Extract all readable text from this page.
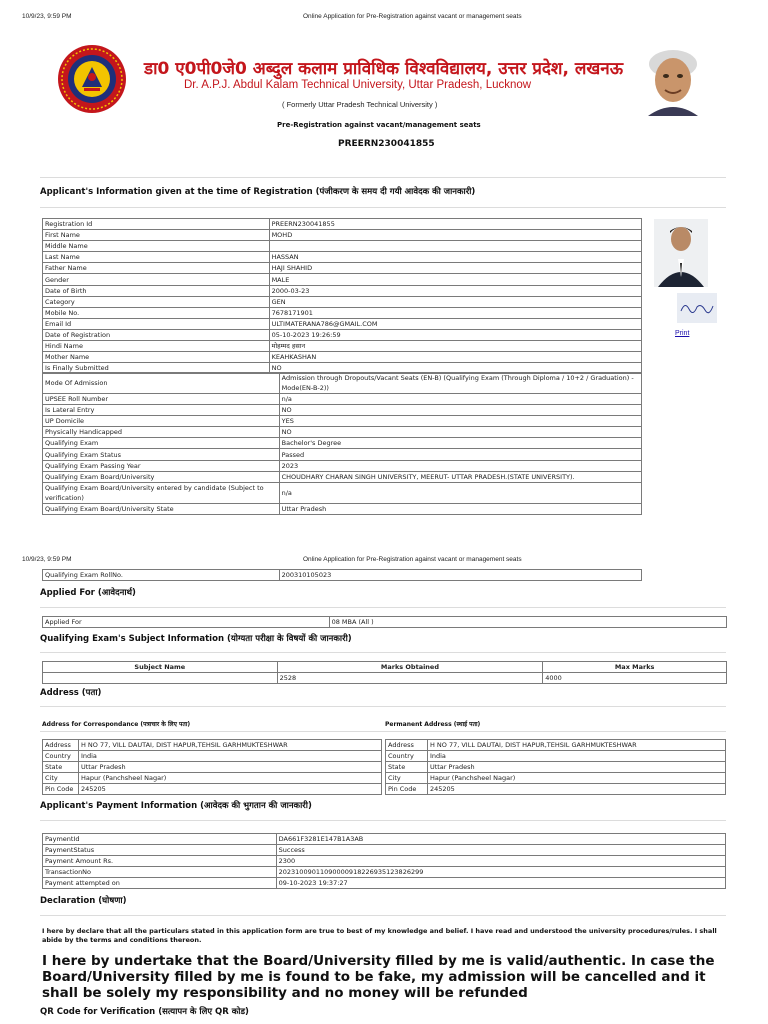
10/9/23, 9:59 PM	Online Application for Pre-Registration against vacant or management seats
डा0 ए0पी0जे0 अब्दुल कलाम प्राविधिक विश्वविद्यालय, उत्तर प्रदेश, लखनऊ
Dr. A.P.J. Abdul Kalam Technical University, Uttar Pradesh, Lucknow
( Formerly Uttar Pradesh Technical University )
Pre-Registration against vacant/management seats
PREERN230041855
Applicant's Information given at the time of Registration (पंजीकरण के समय दी गयी आवेदक की जानकारी)
Registration Id	PREERN230041855
First Name	MOHD
Middle Name	
Last Name	HASSAN
Father Name	HAJI SHAHID
Gender	MALE
Date of Birth	2000-03-23
Category	GEN
Mobile No.	7678171901
Email Id	ULTIMATERANA786@GMAIL.COM
Date of Registration	05-10-2023 19:26:59
Hindi Name	मोहम्मद हसान
Mother Name	KEAHKASHAN
Is Finally Submitted	NO
Mode Of Admission	Admission through Dropouts/Vacant Seats (EN-B) (Qualifying Exam (Through Diploma / 10+2 / Graduation) -Mode(EN-B-2))
UPSEE Roll Number	n/a
Is Lateral Entry	NO
UP Domicile	YES
Physically Handicapped	NO
Qualifying Exam	Bachelor's Degree
Qualifying Exam Status	Passed
Qualifying Exam Passing Year	2023
Qualifying Exam Board/University	CHOUDHARY CHARAN SINGH UNIVERSITY, MEERUT- UTTAR PRADESH.(STATE UNIVERSITY).
Qualifying Exam Board/University entered by candidate (Subject to verification)	n/a
Qualifying Exam Board/University State	Uttar Pradesh
Print
10/9/23, 9:59 PM	Online Application for Pre-Registration against vacant or management seats
Qualifying Exam RollNo.	200310105023
Applied For (आवेदनार्थ)
Applied For	08 MBA (All )
Qualifying Exam's Subject Information (योग्यता परीक्षा के विषयों की जानकारी)
Subject Name	Marks Obtained	Max Marks
	2528	4000
Address (पता)
Address for Correspondance (पत्राचार के लिए पता)	Permanent Address (स्थाई पता)
Address	H NO 77, VILL DAUTAI, DIST HAPUR,TEHSIL GARHMUKTESHWAR
Country	India
State	Uttar Pradesh
City	Hapur (Panchsheel Nagar)
Pin Code	245205
Address	H NO 77, VILL DAUTAI, DIST HAPUR,TEHSIL GARHMUKTESHWAR
Country	India
State	Uttar Pradesh
City	Hapur (Panchsheel Nagar)
Pin Code	245205
Applicant's Payment Information (आवेदक की भुगतान की जानकारी)
PaymentId	DA661F3281E147B1A3AB
PaymentStatus	Success
Payment Amount Rs.	2300
TransactionNo	202310090110900009182269351238262​99
Payment attempted on	09-10-2023 19:37:27
Declaration (घोषणा)
I here by declare that all the particulars stated in this application form are true to best of my knowledge and belief. I have read and understood the university procedures/rules. I shall abide by the terms and conditions thereon.
I here by undertake that the Board/University filled by me is valid/authentic. In case the Board/University filled by me is found to be fake, my admission will be cancelled and it shall be solely my responsibility and no money will be refunded
QR Code for Verification (सत्यापन के लिए QR कोड)
